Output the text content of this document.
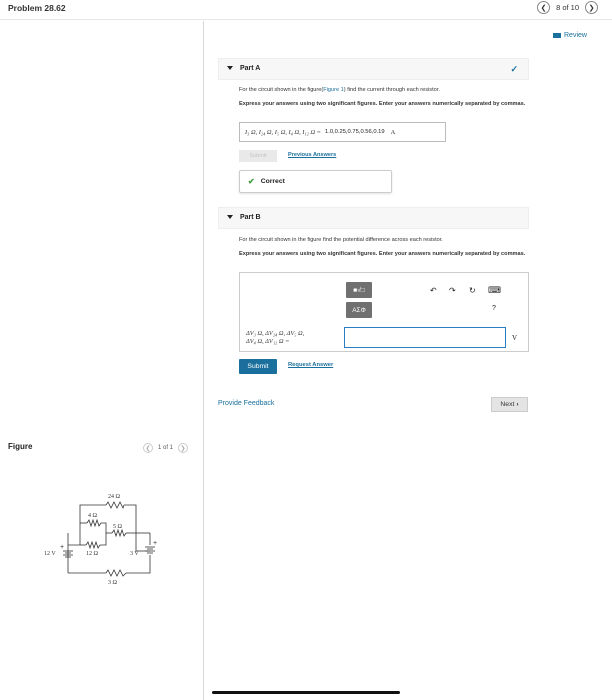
Problem 28.62	❮ 8 of 10 ❯
Review
Part A	✓
For the circuit shown in the figure(Figure 1) find the current through each resistor.
Express your answers using two significant figures. Enter your answers numerically separated by commas.
I₃ Ω, I₂₄ Ω, I₅ Ω, I₄ Ω, I₁₂ Ω = 1.0,0.25,0.75,0.56,0.19 A
Submit	Previous Answers
✔ Correct
Part B
For the circuit shown in the figure find the potential difference across each resistor.
Express your answers using two significant figures. Enter your answers numerically separated by commas.
■√□
ΑΣΦ
↶ ↷ ↻ ⌨
?
ΔV₃ Ω, ΔV₂₄ Ω, ΔV₅ Ω,
ΔV₄ Ω, ΔV₁₂ Ω =	V
Submit	Request Answer
Provide Feedback	Next ›
Figure	❮ 1 of 1 ❯
24 Ω
4 Ω
5 Ω
12 Ω
3 Ω
12 V	3 V
+
+
